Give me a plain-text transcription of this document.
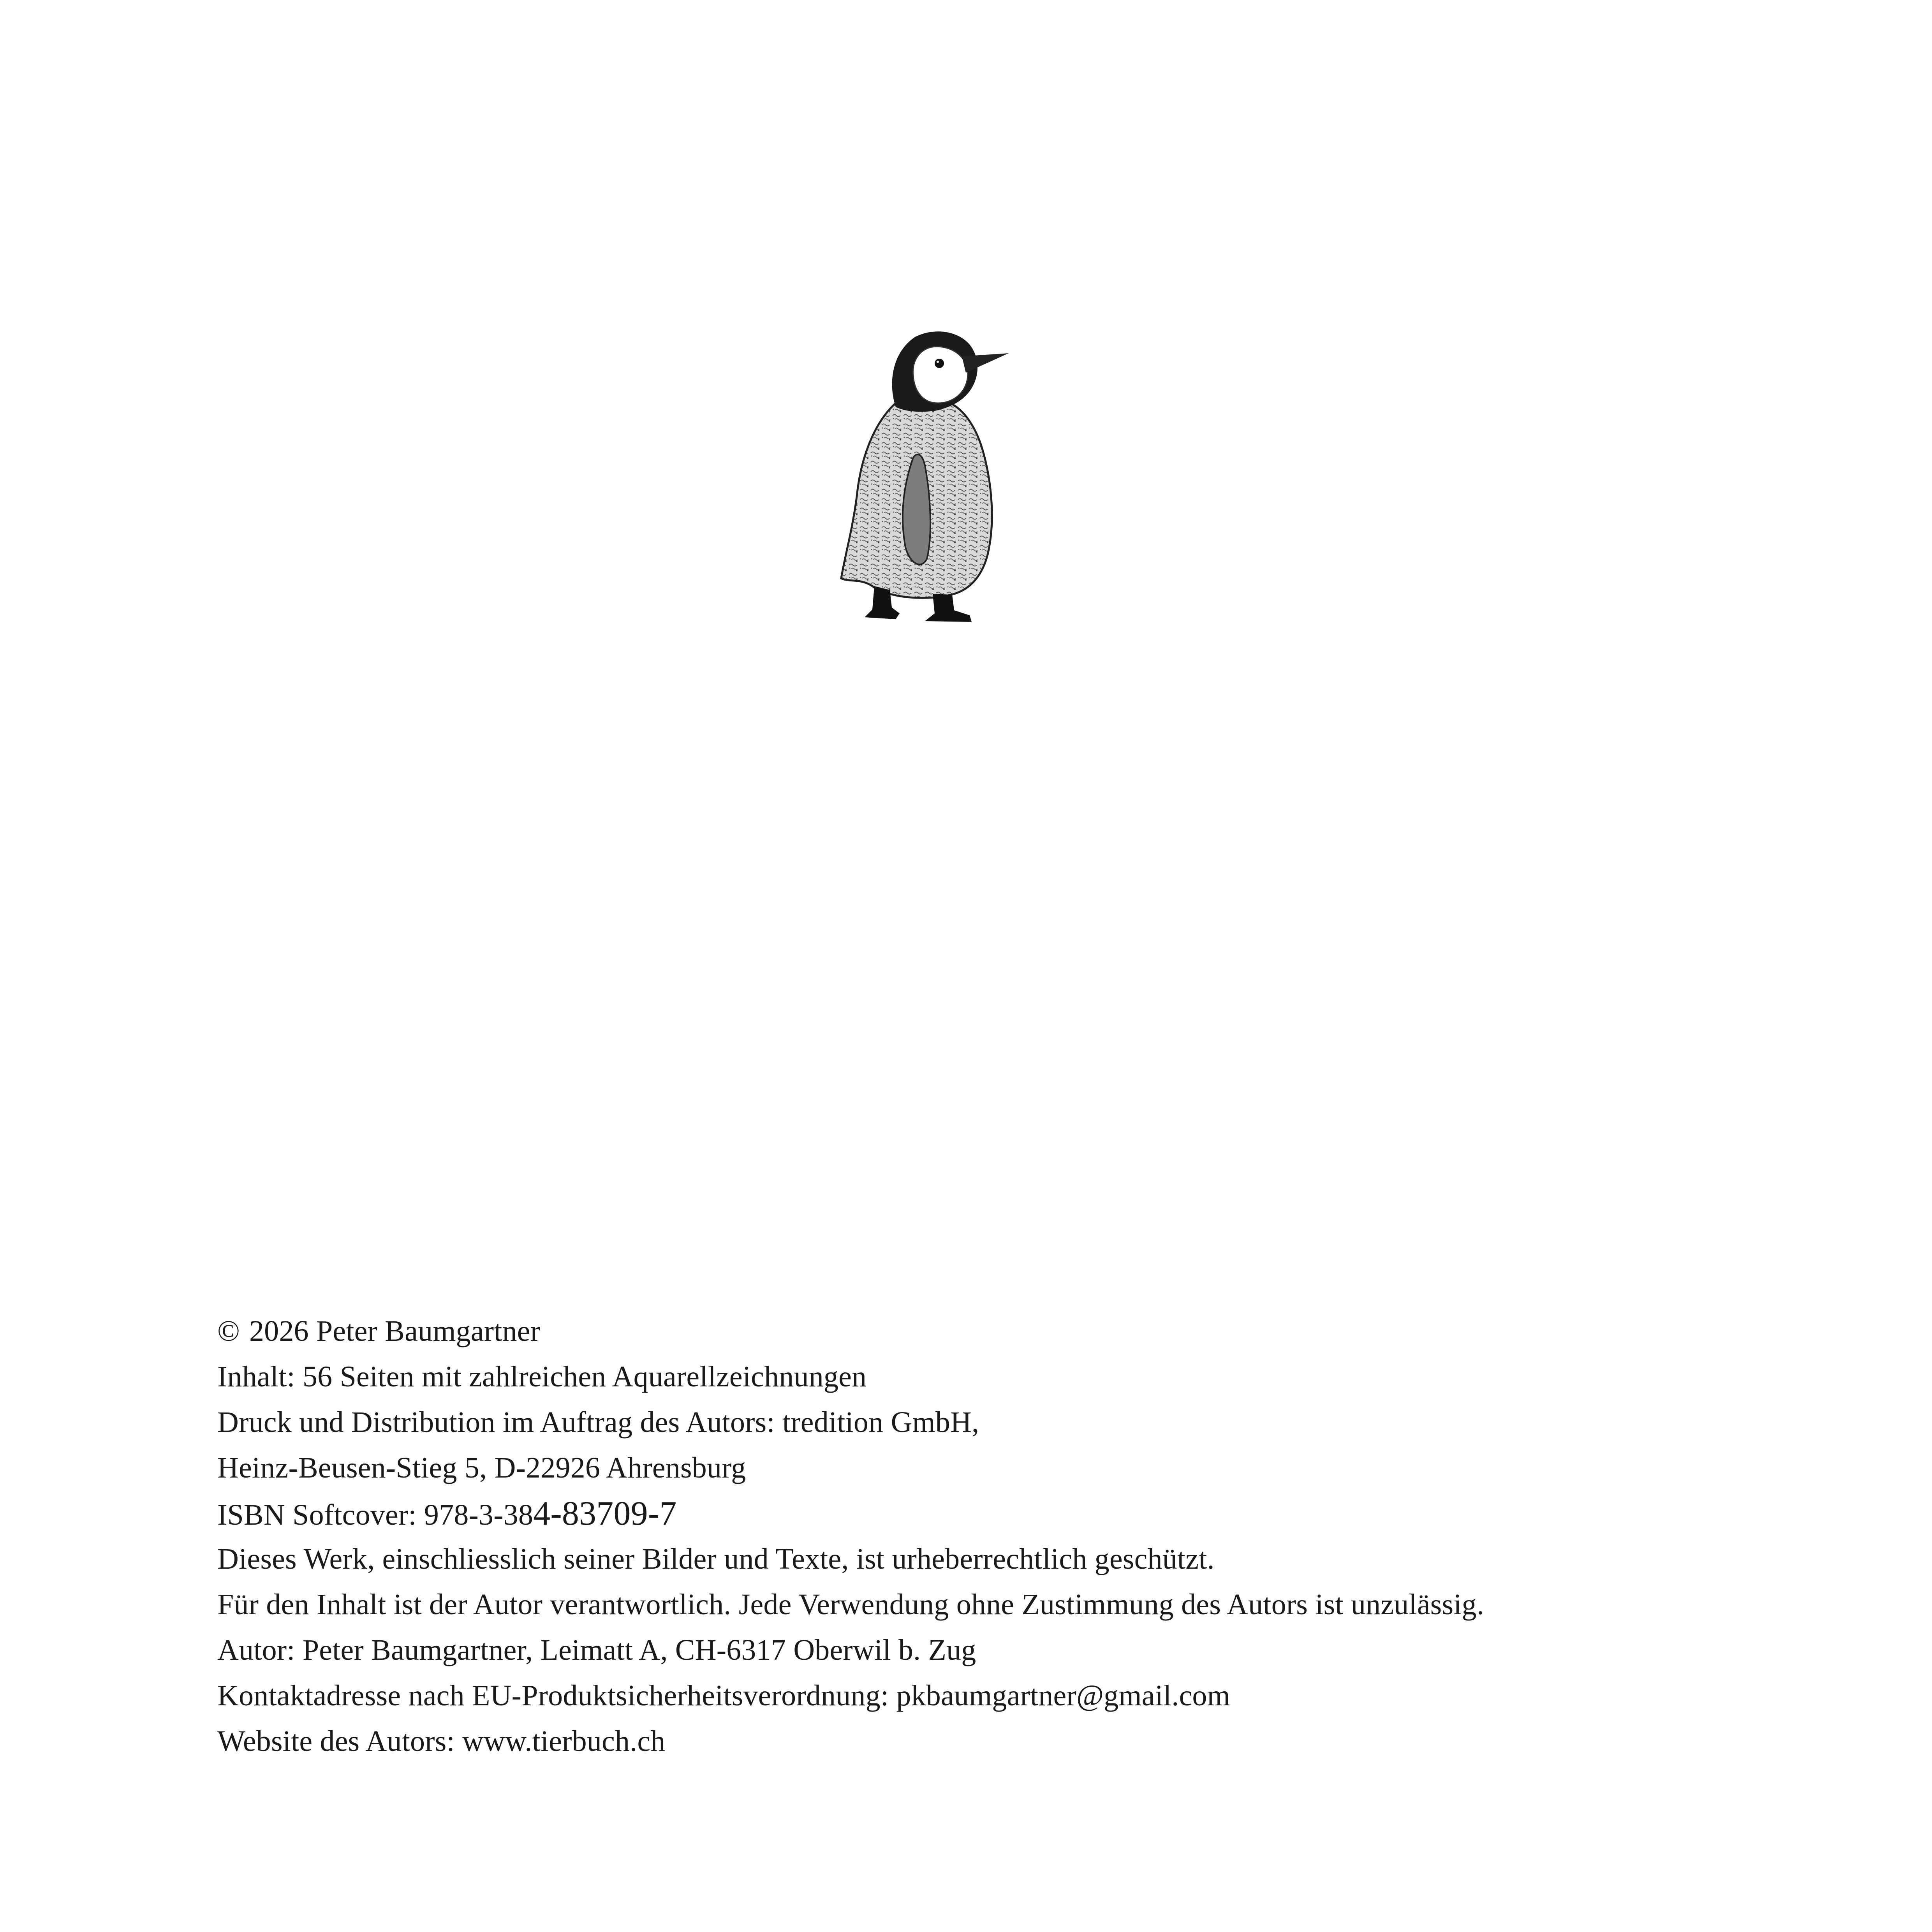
© 2026 Peter Baumgartner
Inhalt: 56 Seiten mit zahlreichen Aquarellzeichnungen
Druck und Distribution im Auftrag des Autors: tredition GmbH,
Heinz-Beusen-Stieg 5, D-22926 Ahrensburg
ISBN Softcover: 978-3-384-83709-7
Dieses Werk, einschliesslich seiner Bilder und Texte, ist urheberrechtlich geschützt.
Für den Inhalt ist der Autor verantwortlich. Jede Verwendung ohne Zustimmung des Autors ist unzulässig.
Autor: Peter Baumgartner, Leimatt A, CH-6317 Oberwil b. Zug
Kontaktadresse nach EU-Produktsicherheitsverordnung: pkbaumgartner@gmail.com
Website des Autors: www.tierbuch.ch
